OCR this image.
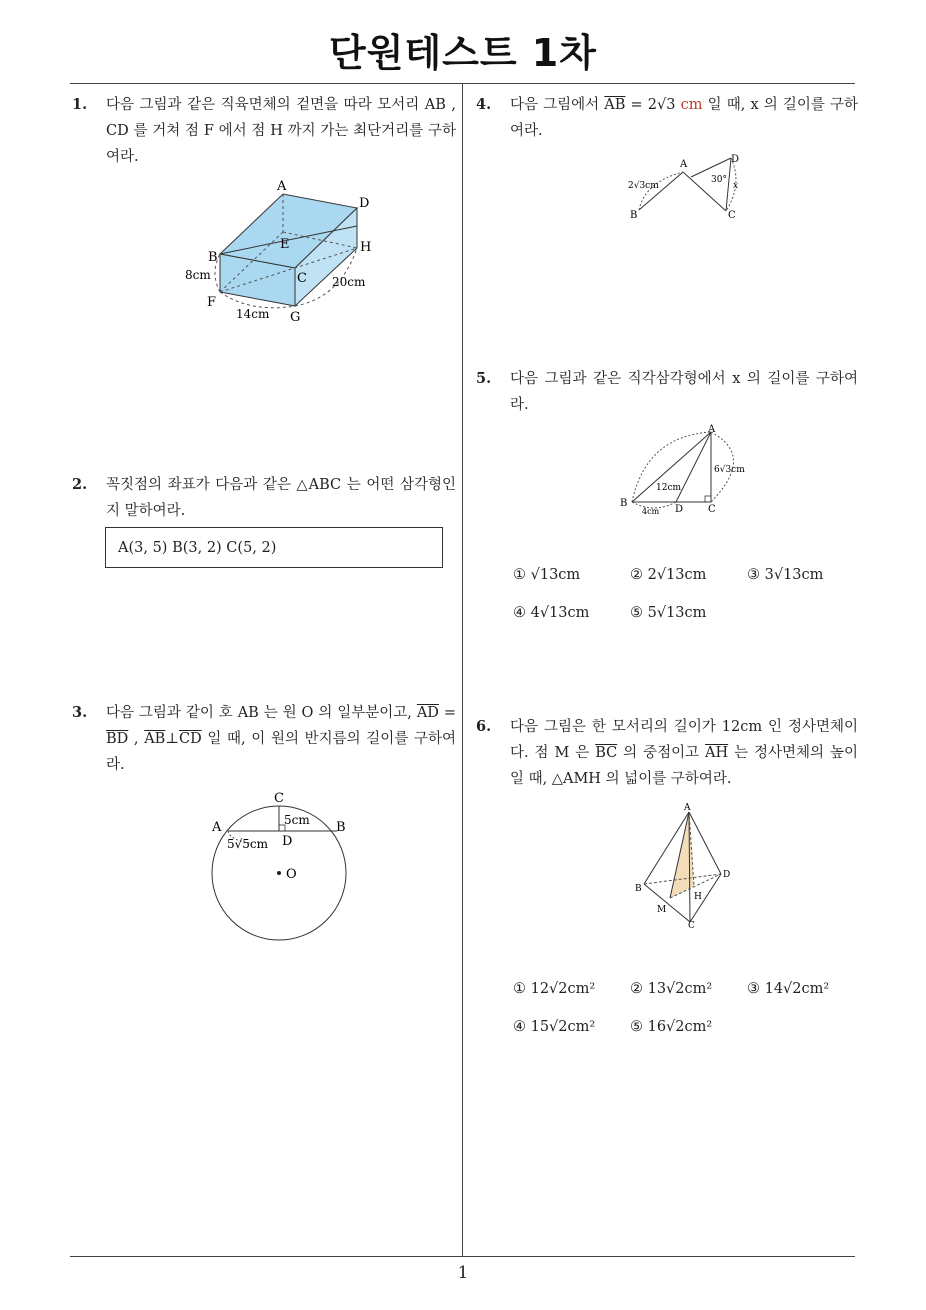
단원테스트 1차
1. 다음 그림과 같은 직육면체의 겉면을 따라 모서리 AB , CD 를 거쳐 점 F 에서 점 H 까지 가는 최단거리를 구하여라.
A
D
E	H
B
C
8cm	20cm
F
14cm G
2. 꼭짓점의 좌표가 다음과 같은 △ABC 는 어떤 삼각형인지 말하여라.
A(3, 5) B(3, 2) C(5, 2)
3. 다음 그림과 같이 호 AB 는 원 O 의 일부분이고, $\overline{AD} = \overline{BD}$ , $\overline{AB}\perp\overline{CD}$ 일 때, 이 원의 반지름의 길이를 구하여라.
C
A	B
5cm
5√5cm D
O
4. 다음 그림에서 $\overline{AB} = 2√3$ cm 일 때, x 의 길이를 구하여라.
A	D
B	C
2√3cm
30°
x
5. 다음 그림과 같은 직각삼각형에서 x 의 길이를 구하여라.
A
6√3cm
12cm
B
4cm D C
① √13cm	② 2√13cm	③ 3√13cm
④ 4√13cm	⑤ 5√13cm
6. 다음 그림은 한 모서리의 길이가 12cm 인 정사면체이다. 점 M 은 $\overline{BC}$ 의 중점이고 $\overline{AH}$ 는 정사면체의 높이일 때, △AMH 의 넓이를 구하여라.
A
D
B
H
M
C
① 12√2cm² ② 13√2cm² ③ 14√2cm²
④ 15√2cm² ⑤ 16√2cm²
1
